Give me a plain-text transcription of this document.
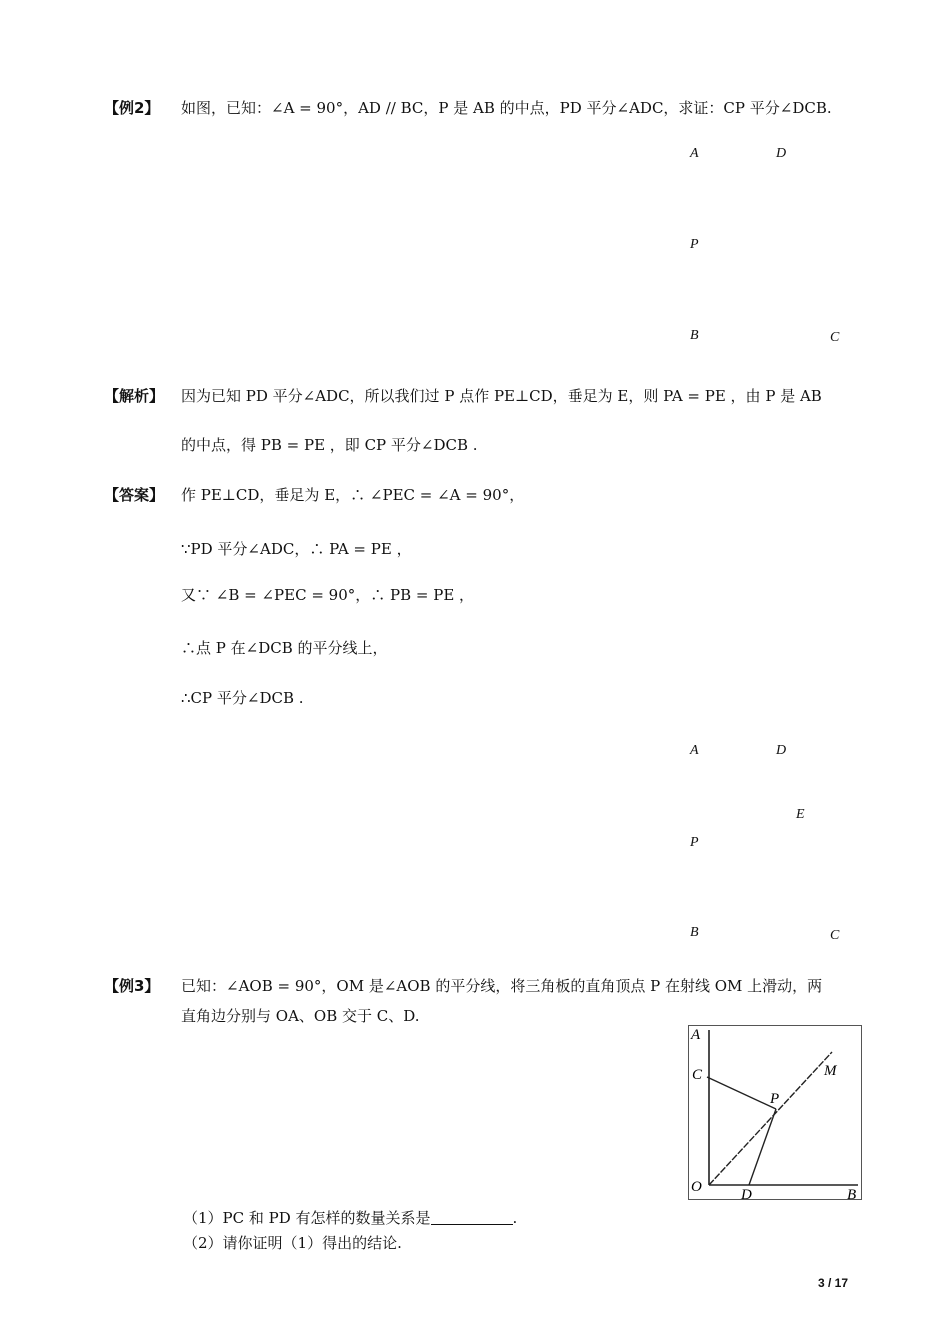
【例2】 如图，已知：∠A = 90°，AD // BC，P 是 AB 的中点，PD 平分∠ADC，求证：CP 平分∠DCB.
A	D
P
B	C
【解析】 因为已知 PD 平分∠ADC，所以我们过 P 点作 PE⊥CD，垂足为 E，则 PA = PE ，由 P 是 AB
的中点，得 PB = PE ，即 CP 平分∠DCB .
【答案】 作 PE⊥CD，垂足为 E，∴ ∠PEC = ∠A = 90°，
∵PD 平分∠ADC，∴ PA = PE ，
又∵ ∠B = ∠PEC = 90°，∴ PB = PE ，
∴点 P 在∠DCB 的平分线上，
∴CP 平分∠DCB .
A	D
E
P
B	C
【例3】 已知：∠AOB = 90°，OM 是∠AOB 的平分线，将三角板的直角顶点 P 在射线 OM 上滑动，两
直角边分别与 OA、OB 交于 C、D.
A
C
P
M
O	D	B
（1）PC 和 PD 有怎样的数量关系是	.
（2）请你证明（1）得出的结论.
3 / 17
